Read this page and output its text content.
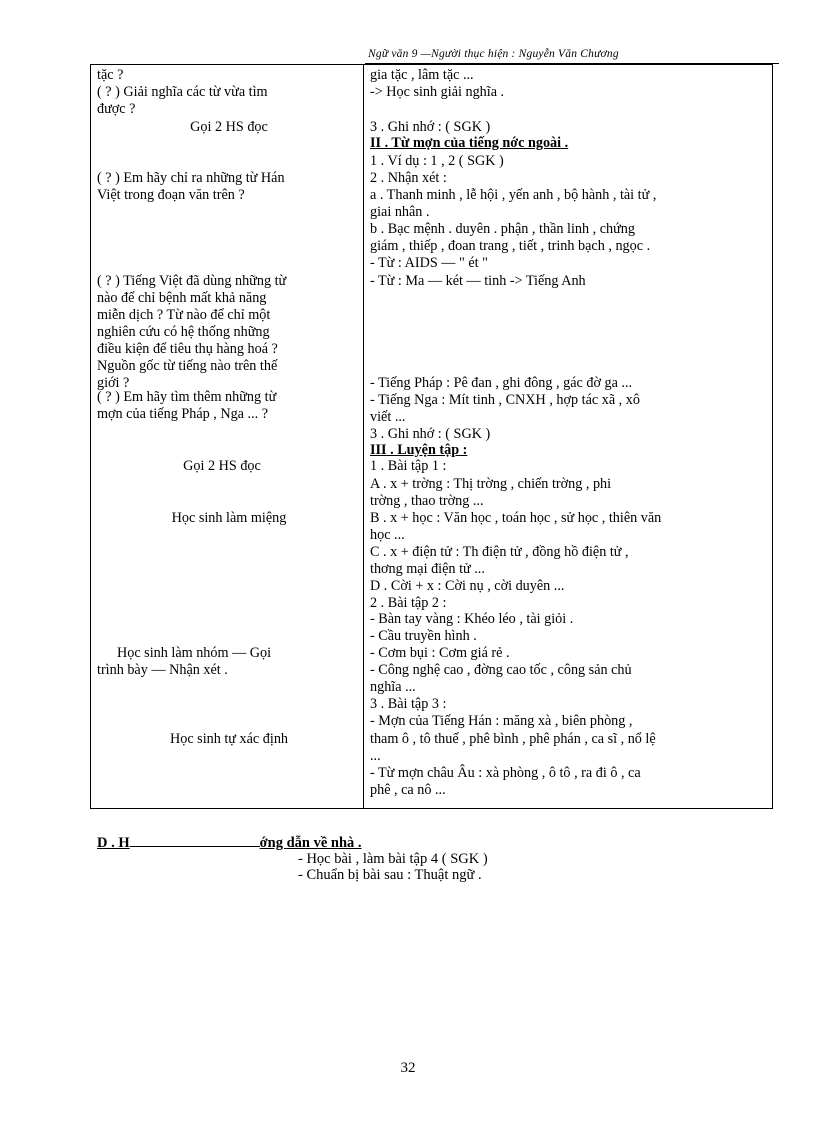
Ngữ văn 9 —Người thục hiện : Nguyễn Văn Chương
tặc ?
( ? ) Giải nghĩa các từ vừa tìm
được ?
Gọi 2 HS đọc
( ? ) Em hãy chỉ ra những từ Hán
Việt trong đoạn văn trên ?
( ? ) Tiếng Việt đã dùng những từ
nào để chỉ bệnh mất khả năng
miễn dịch ? Từ nào để chỉ một
nghiên cứu có hệ thống những
điều kiện để tiêu thụ hàng hoá ?
Nguồn gốc từ tiếng nào trên thế
giới ?
( ? ) Em hãy tìm thêm những từ
mợn của tiếng Pháp , Nga ... ?
Gọi 2 HS đọc
Học sinh làm miệng
Học sinh làm nhóm — Gọi
trình bày — Nhận xét .
Học sinh tự xác định
gia tặc , lâm tặc ...
-> Học sinh giải nghĩa .
3 . Ghi nhớ : ( SGK )
II . Từ mợn của tiếng nớc ngoài .
1 . Ví dụ : 1 , 2 ( SGK )
2 . Nhận xét :
a . Thanh minh , lễ hội , yến anh , bộ hành , tài tử ,
giai nhân .
b . Bạc mệnh . duyên . phận , thần linh , chứng
giám , thiếp , đoan trang , tiết , trinh bạch , ngọc .
- Từ : AIDS — " ét "
- Từ : Ma — két — tinh -> Tiếng Anh
- Tiếng Pháp : Pê đan , ghi đông , gác đờ ga ...
- Tiếng Nga : Mít tinh , CNXH , hợp tác xã , xô
viết ...
3 . Ghi nhớ : ( SGK )
III . Luyện tập :
1 . Bài tập 1 :
A . x + trờng : Thị trờng , chiến trờng , phi
trờng , thao trờng ...
B . x + học : Văn học , toán học , sử học , thiên văn
học ...
C . x + điện tử : Th điện tử , đồng hồ điện tử ,
thơng mại điện tử ...
D . Cời + x : Cời nụ , cời duyên ...
2 . Bài tập 2 :
- Bàn tay vàng : Khéo léo , tài giỏi .
- Cầu truyền hình .
- Cơm bụi : Cơm giá rẻ .
- Công nghệ cao , đờng cao tốc , công sản chủ
nghĩa ...
3 . Bài tập 3 :
- Mợn của Tiếng Hán : măng xà , biên phòng ,
tham ô , tô thuế , phê bình , phê phán , ca sĩ , nổ lệ
...
- Từ mợn châu Âu : xà phòng , ô tô , ra đi ô , ca
phê , ca nô ...
D . H	ớng dẫn về nhà .
- Học bài , làm bài tập 4 ( SGK )
- Chuẩn bị bài sau : Thuật ngữ .
32
